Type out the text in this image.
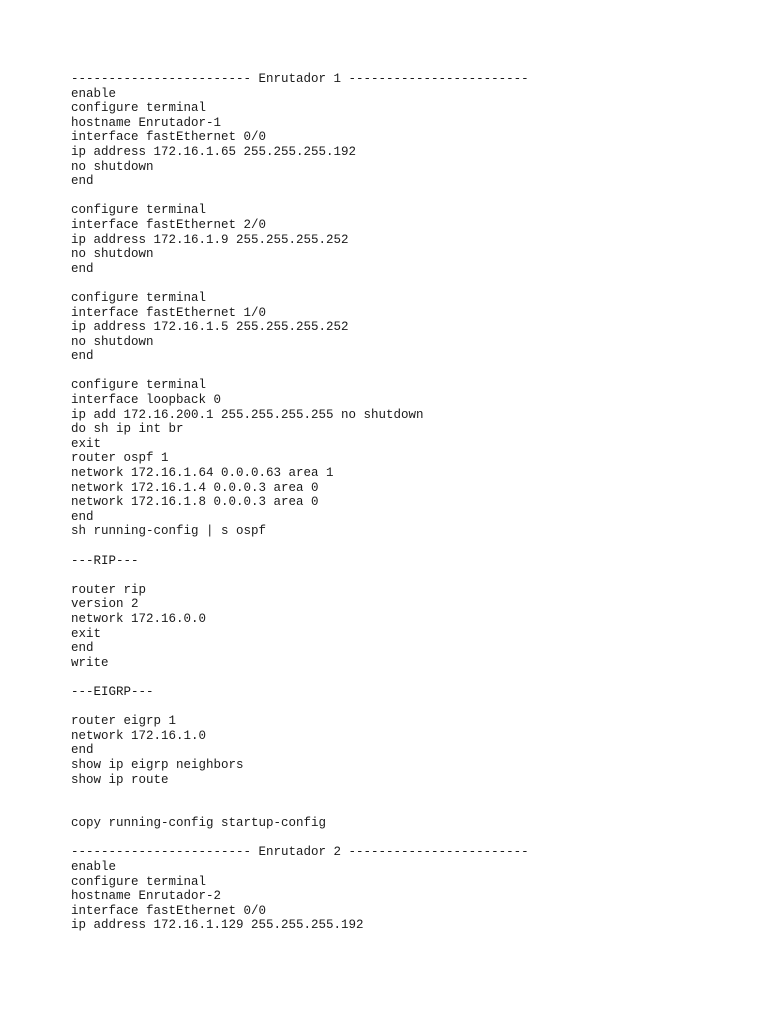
------------------------ Enrutador 1 ------------------------
enable
configure terminal
hostname Enrutador-1
interface fastEthernet 0/0
ip address 172.16.1.65 255.255.255.192
no shutdown
end
configure terminal
interface fastEthernet 2/0
ip address 172.16.1.9 255.255.255.252
no shutdown
end
configure terminal
interface fastEthernet 1/0
ip address 172.16.1.5 255.255.255.252
no shutdown
end
configure terminal
interface loopback 0
ip add 172.16.200.1 255.255.255.255 no shutdown
do sh ip int br
exit
router ospf 1
network 172.16.1.64 0.0.0.63 area 1
network 172.16.1.4 0.0.0.3 area 0
network 172.16.1.8 0.0.0.3 area 0
end
sh running-config | s ospf
---RIP---
router rip
version 2
network 172.16.0.0
exit
end
write
---EIGRP---
router eigrp 1
network 172.16.1.0
end
show ip eigrp neighbors
show ip route
copy running-config startup-config
------------------------ Enrutador 2 ------------------------
enable
configure terminal
hostname Enrutador-2
interface fastEthernet 0/0
ip address 172.16.1.129 255.255.255.192
